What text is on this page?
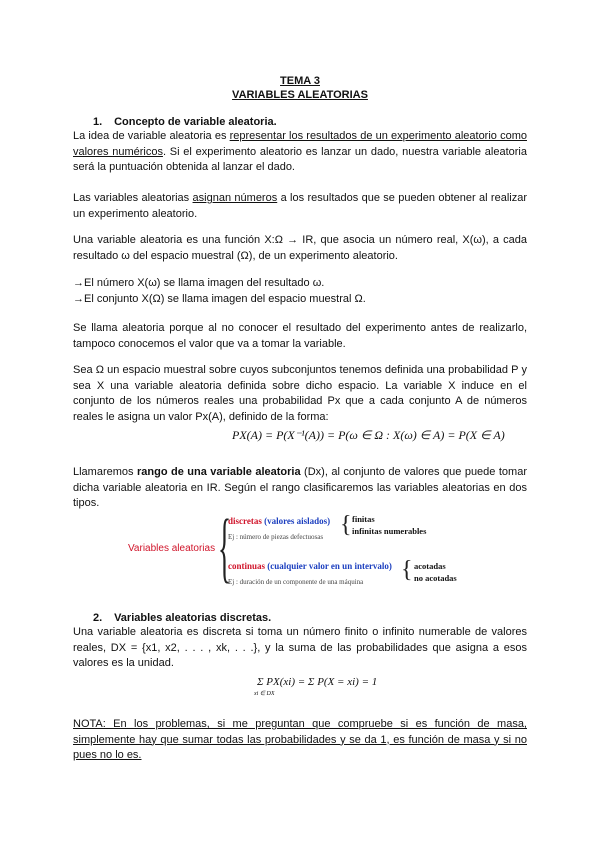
TEMA 3
VARIABLES ALEATORIAS
1. Concepto de variable aleatoria.
La idea de variable aleatoria es representar los resultados de un experimento aleatorio como valores numéricos. Si el experimento aleatorio es lanzar un dado, nuestra variable aleatoria será la puntuación obtenida al lanzar el dado.
Las variables aleatorias asignan números a los resultados que se pueden obtener al realizar un experimento aleatorio.
Una variable aleatoria es una función X:Ω → IR, que asocia un número real, X(ω), a cada resultado ω del espacio muestral (Ω), de un experimento aleatorio.
→El número X(ω) se llama imagen del resultado ω.
→El conjunto X(Ω) se llama imagen del espacio muestral Ω.
Se llama aleatoria porque al no conocer el resultado del experimento antes de realizarlo, tampoco conocemos el valor que va a tomar la variable.
Sea Ω un espacio muestral sobre cuyos subconjuntos tenemos definida una probabilidad P y sea X una variable aleatoria definida sobre dicho espacio. La variable X induce en el conjunto de los números reales una probabilidad Px que a cada conjunto A de números reales le asigna un valor Px(A), definido de la forma:
PX(A) = P(X⁻¹(A)) = P(ω ∈ Ω : X(ω) ∈ A) = P(X ∈ A)
Llamaremos rango de una variable aleatoria (Dx), al conjunto de valores que puede tomar dicha variable aleatoria en IR. Según el rango clasificaremos las variables aleatorias en dos tipos.
Variables aleatorias {
discretas (valores aislados) { finitas
infinitas numerables
Ej : número de piezas defectuosas
continuas (cualquier valor en un intervalo) { acotadas
no acotadas
Ej : duración de un componente de una máquina
2. Variables aleatorias discretas.
Una variable aleatoria es discreta si toma un número finito o infinito numerable de valores reales, DX = {x1, x2, . . . , xk, . . .}, y la suma de las probabilidades que asigna a esos valores es la unidad.
Σ PX(xi) = Σ P(X = xi) = 1
xi ∈ DX
NOTA: En los problemas, si me preguntan que compruebe si es función de masa, simplemente hay que sumar todas las probabilidades y se da 1, es función de masa y si no pues no lo es.
